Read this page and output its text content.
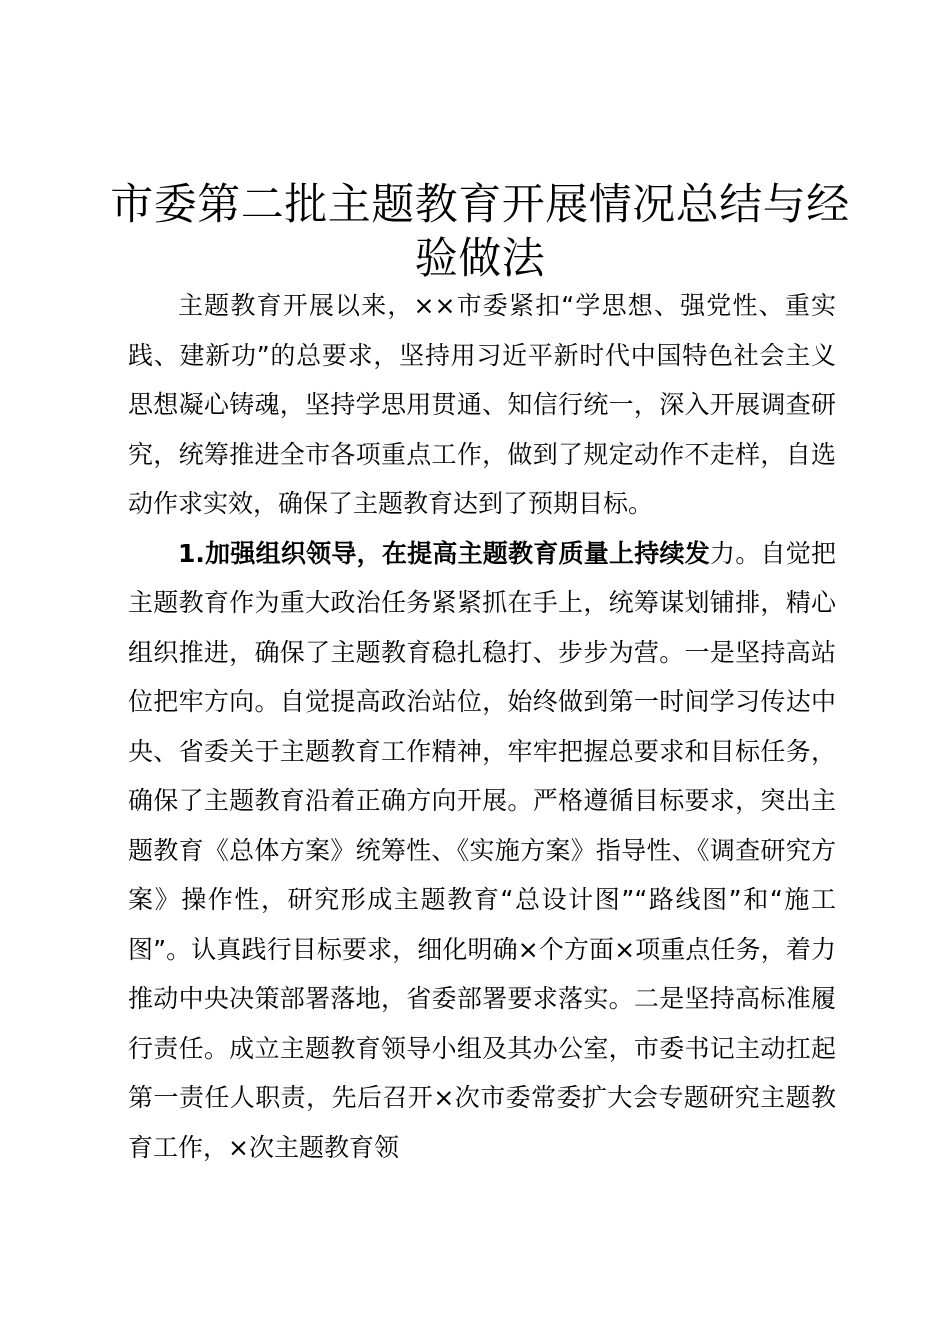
市委第二批主题教育开展情况总结与经验做法

主题教育开展以来，××市委紧扣“学思想、强党性、重实践、建新功”的总要求，坚持用习近平新时代中国特色社会主义思想凝心铸魂，坚持学思用贯通、知信行统一，深入开展调查研究，统筹推进全市各项重点工作，做到了规定动作不走样，自选动作求实效，确保了主题教育达到了预期目标。

1.加强组织领导，在提高主题教育质量上持续发力。自觉把主题教育作为重大政治任务紧紧抓在手上，统筹谋划铺排，精心组织推进，确保了主题教育稳扎稳打、步步为营。一是坚持高站位把牢方向。自觉提高政治站位，始终做到第一时间学习传达中央、省委关于主题教育工作精神，牢牢把握总要求和目标任务，确保了主题教育沿着正确方向开展。严格遵循目标要求，突出主题教育《总体方案》统筹性、《实施方案》指导性、《调查研究方案》操作性，研究形成主题教育“总设计图”“路线图”和“施工图”。认真践行目标要求，细化明确×个方面×项重点任务，着力推动中央决策部署落地，省委部署要求落实。二是坚持高标准履行责任。成立主题教育领导小组及其办公室，市委书记主动扛起第一责任人职责，先后召开×次市委常委扩大会专题研究主题教育工作，×次主题教育领
